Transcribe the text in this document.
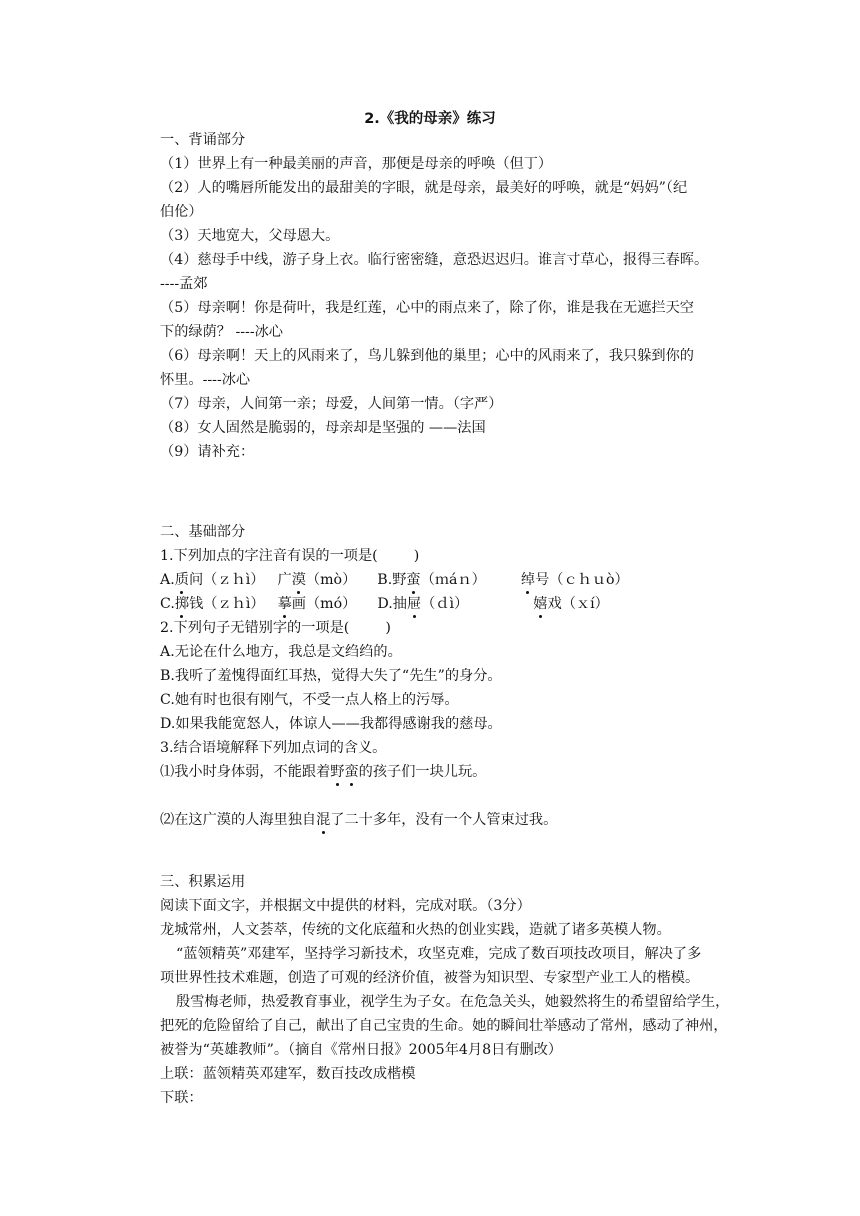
2.《我的母亲》练习
一、背诵部分
（1）世界上有一种最美丽的声音，那便是母亲的呼唤（但丁）
（2）人的嘴唇所能发出的最甜美的字眼，就是母亲，最美好的呼唤，就是“妈妈”（纪
伯伦）
（3）天地宽大，父母恩大。
（4）慈母手中线，游子身上衣。临行密密缝，意恐迟迟归。谁言寸草心，报得三春晖。
----孟郊
（5）母亲啊！你是荷叶，我是红莲，心中的雨点来了，除了你，谁是我在无遮拦天空
下的绿荫？ ----冰心
（6）母亲啊！天上的风雨来了，鸟儿躲到他的巢里；心中的风雨来了，我只躲到你的
怀里。----冰心
（7）母亲，人间第一亲；母爱，人间第一情。（字严）
（8）女人固然是脆弱的，母亲却是坚强的 ——法国
（9）请补充：
二、基础部分
1.下列加点的字注音有误的一项是(	)
A.质问（ｚｈì） 广漠（mò） B.野蛮（ｍáｎ） 绰号（ｃｈｕò）
C.掷钱（ｚｈì） 摹画（mó） D.抽屉（ｄì）	嬉戏（ｘí）
2.下列句子无错别字的一项是(	)
A.无论在什么地方，我总是文绉绉的。
B.我听了羞愧得面红耳热，觉得大失了“先生”的身分。
C.她有时也很有刚气，不受一点人格上的污辱。
D.如果我能宽怒人，体谅人——我都得感谢我的慈母。
3.结合语境解释下列加点词的含义。
⑴我小时身体弱，不能跟着野蛮的孩子们一块儿玩。
⑵在这广漠的人海里独自混了二十多年，没有一个人管束过我。
三、积累运用
阅读下面文字，并根据文中提供的材料，完成对联。（3分）
龙城常州，人文荟萃，传统的文化底蕴和火热的创业实践，造就了诸多英模人物。
“蓝领精英”邓建军，坚持学习新技术，攻坚克难，完成了数百项技改项目，解决了多
项世界性技术难题，创造了可观的经济价值，被誉为知识型、专家型产业工人的楷模。
殷雪梅老师，热爱教育事业，视学生为子女。在危急关头，她毅然将生的希望留给学生，
把死的危险留给了自己，献出了自己宝贵的生命。她的瞬间壮举感动了常州，感动了神州，
被誉为“英雄教师”。（摘自《常州日报》2005年4月8日有删改）
上联：蓝领精英邓建军，数百技改成楷模
下联：
